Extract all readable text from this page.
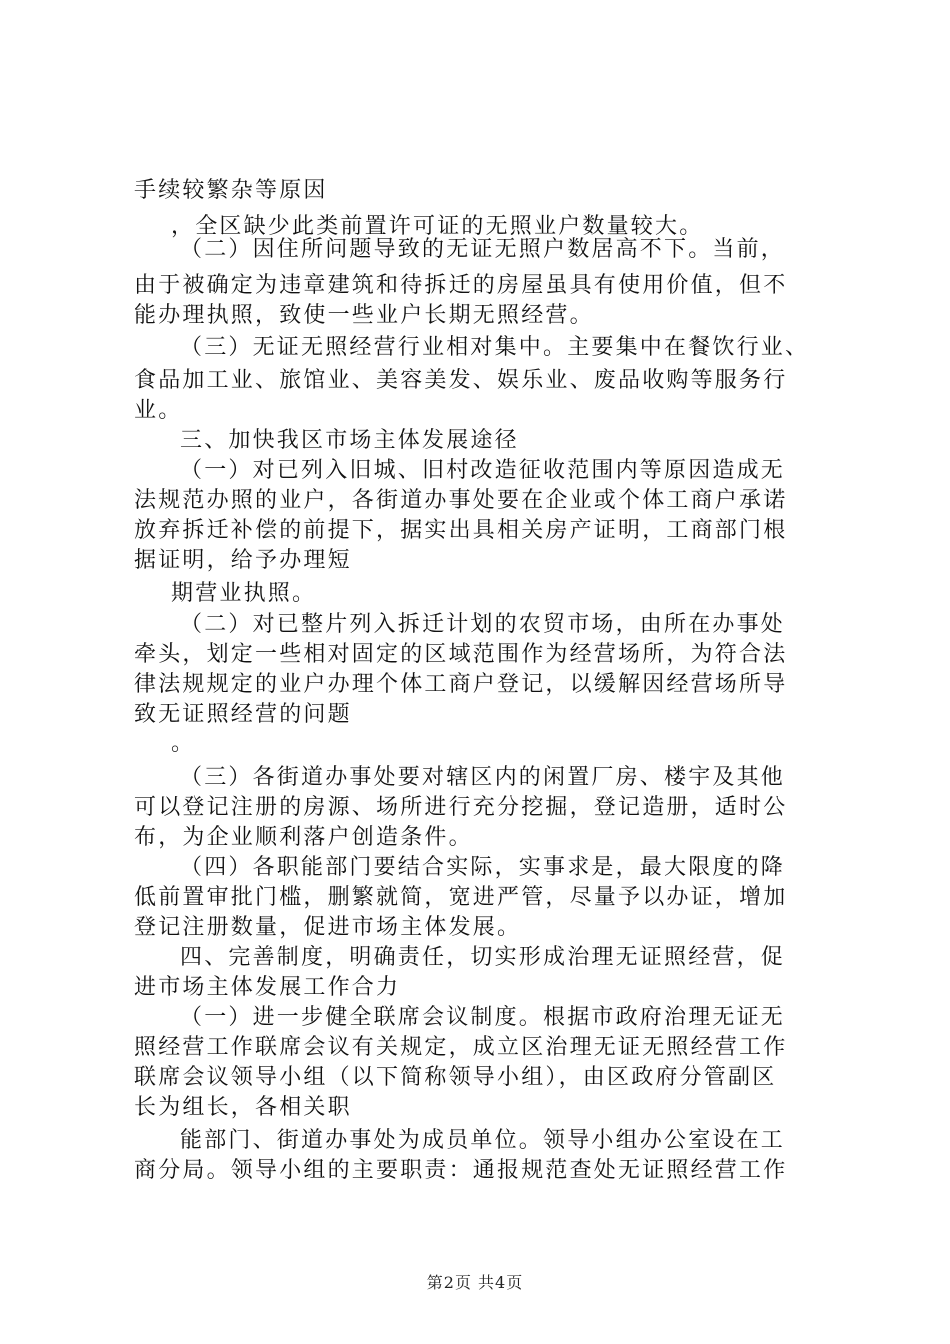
手续较繁杂等原因
，全区缺少此类前置许可证的无照业户数量较大。
（二）因住所问题导致的无证无照户数居高不下。当前，
由于被确定为违章建筑和待拆迁的房屋虽具有使用价值，但不
能办理执照，致使一些业户长期无照经营。
（三）无证无照经营行业相对集中。主要集中在餐饮行业、
食品加工业、旅馆业、美容美发、娱乐业、废品收购等服务行
业。
三、加快我区市场主体发展途径
（一）对已列入旧城、旧村改造征收范围内等原因造成无
法规范办照的业户，各街道办事处要在企业或个体工商户承诺
放弃拆迁补偿的前提下，据实出具相关房产证明，工商部门根
据证明，给予办理短
期营业执照。
（二）对已整片列入拆迁计划的农贸市场，由所在办事处
牵头，划定一些相对固定的区域范围作为经营场所，为符合法
律法规规定的业户办理个体工商户登记，以缓解因经营场所导
致无证照经营的问题
。
（三）各街道办事处要对辖区内的闲置厂房、楼宇及其他
可以登记注册的房源、场所进行充分挖掘，登记造册，适时公
布，为企业顺利落户创造条件。
（四）各职能部门要结合实际，实事求是，最大限度的降
低前置审批门槛，删繁就简，宽进严管，尽量予以办证，增加
登记注册数量，促进市场主体发展。
四、完善制度，明确责任，切实形成治理无证照经营，促
进市场主体发展工作合力
（一）进一步健全联席会议制度。根据市政府治理无证无
照经营工作联席会议有关规定，成立区治理无证无照经营工作
联席会议领导小组（以下简称领导小组），由区政府分管副区
长为组长，各相关职
能部门、街道办事处为成员单位。领导小组办公室设在工
商分局。领导小组的主要职责：通报规范查处无证照经营工作
第2页 共4页
